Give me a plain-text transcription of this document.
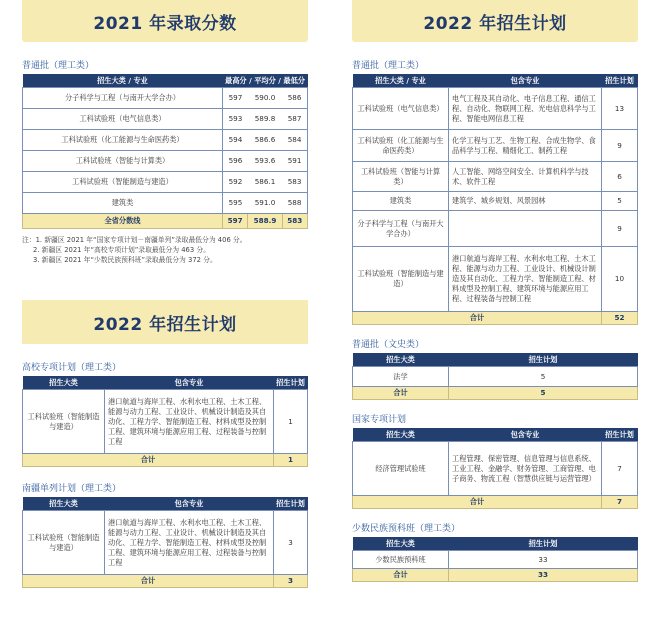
2021 年录取分数
普通批（理工类）
招生大类 / 专业	最高分 / 平均分 / 最低分		
分子科学与工程（与南开大学合办）	597	590.0	586
工科试验班（电气信息类）	593	589.8	587
工科试验班（化工能源与生命医药类）	594	586.6	584
工科试验班（智能与计算类）	596	593.6	591
工科试验班（智能制造与建造）	592	586.1	583
建筑类	595	591.0	588
全省分数线	597	588.9	583
注：1. 新疆区 2021 年“国家专项计划－南疆单列”录取最低分为 406 分。
2. 新疆区 2021 年“高校专项计划”录取最低分为 463 分。
3. 新疆区 2021 年“少数民族预科班”录取最低分为 372 分。
2022 年招生计划
高校专项计划（理工类）
招生大类	包含专业	招生计划
工科试验班（智能制造与建造）	港口航道与海岸工程、水利水电工程、土木工程、能源与动力工程、工业设计、机械设计制造及其自动化、工程力学、智能制造工程、材料成型及控制工程、建筑环境与能源应用工程、过程装备与控制工程	1
合计		1
南疆单列计划（理工类）
招生大类	包含专业	招生计划
工科试验班（智能制造与建造）	港口航道与海岸工程、水利水电工程、土木工程、能源与动力工程、工业设计、机械设计制造及其自动化、工程力学、智能制造工程、材料成型及控制工程、建筑环境与能源应用工程、过程装备与控制工程	3
合计		3
2022 年招生计划
普通批（理工类）
招生大类 / 专业	包含专业	招生计划
工科试验班（电气信息类）	电气工程及其自动化、电子信息工程、通信工程、自动化、物联网工程、光电信息科学与工程、智能电网信息工程	13
工科试验班（化工能源与生命医药类）	化学工程与工艺、生物工程、合成生物学、食品科学与工程、精细化工、制药工程	9
工科试验班（智能与计算类）	人工智能、网络空间安全、计算机科学与技术、软件工程	6
建筑类	建筑学、城乡规划、风景园林	5
分子科学与工程（与南开大学合办）		9
工科试验班（智能制造与建造）	港口航道与海岸工程、水利水电工程、土木工程、能源与动力工程、工业设计、机械设计制造及其自动化、工程力学、智能制造工程、材料成型及控制工程、建筑环境与能源应用工程、过程装备与控制工程	10
合计		52
普通批（文史类）
招生大类	招生计划
法学	5
合计	5
国家专项计划
招生大类	包含专业	招生计划
经济管理试验班	工程管理、保密管理、信息管理与信息系统、工业工程、金融学、财务管理、工商管理、电子商务、物流工程（智慧供应链与运营管理）	7
合计		7
少数民族预科班（理工类）
招生大类	招生计划
少数民族预科班	33
合计	33
